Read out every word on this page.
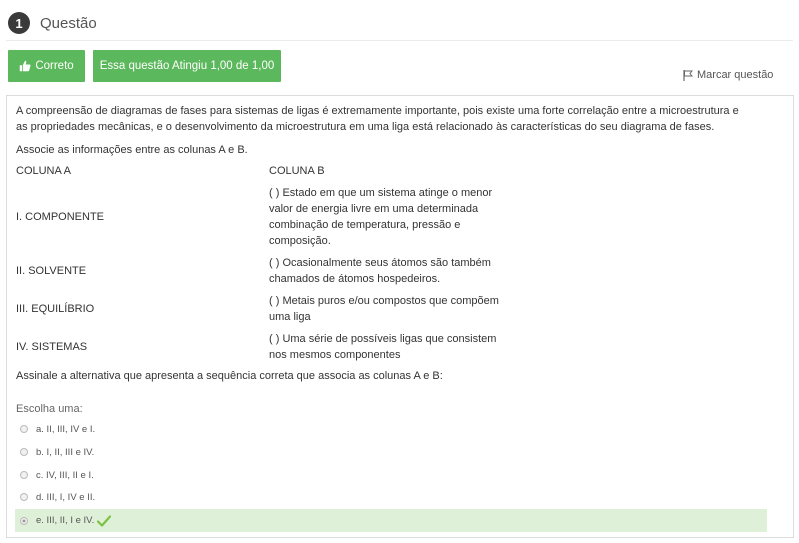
1	Questão
Correto Essa questão Atingiu 1,00 de 1,00
Marcar questão
A compreensão de diagramas de fases para sistemas de ligas é extremamente importante, pois existe uma forte correlação entre a microestrutura e
as propriedades mecânicas, e o desenvolvimento da microestrutura em uma liga está relacionado às características do seu diagrama de fases.
Associe as informações entre as colunas A e B.
COLUNA A	COLUNA B
I. COMPONENTE
( ) Estado em que um sistema atinge o menor
valor de energia livre em uma determinada
combinação de temperatura, pressão e
composição.
II. SOLVENTE
( ) Ocasionalmente seus átomos são também
chamados de átomos hospedeiros.
III. EQUILÍBRIO
( ) Metais puros e/ou compostos que compõem
uma liga
IV. SISTEMAS
( ) Uma série de possíveis ligas que consistem
nos mesmos componentes
Assinale a alternativa que apresenta a sequência correta que associa as colunas A e B:
Escolha uma:
a. II, III, IV e I.
b. I, II, III e IV.
c. IV, III, II e I.
d. III, I, IV e II.
e. III, II, I e IV.
